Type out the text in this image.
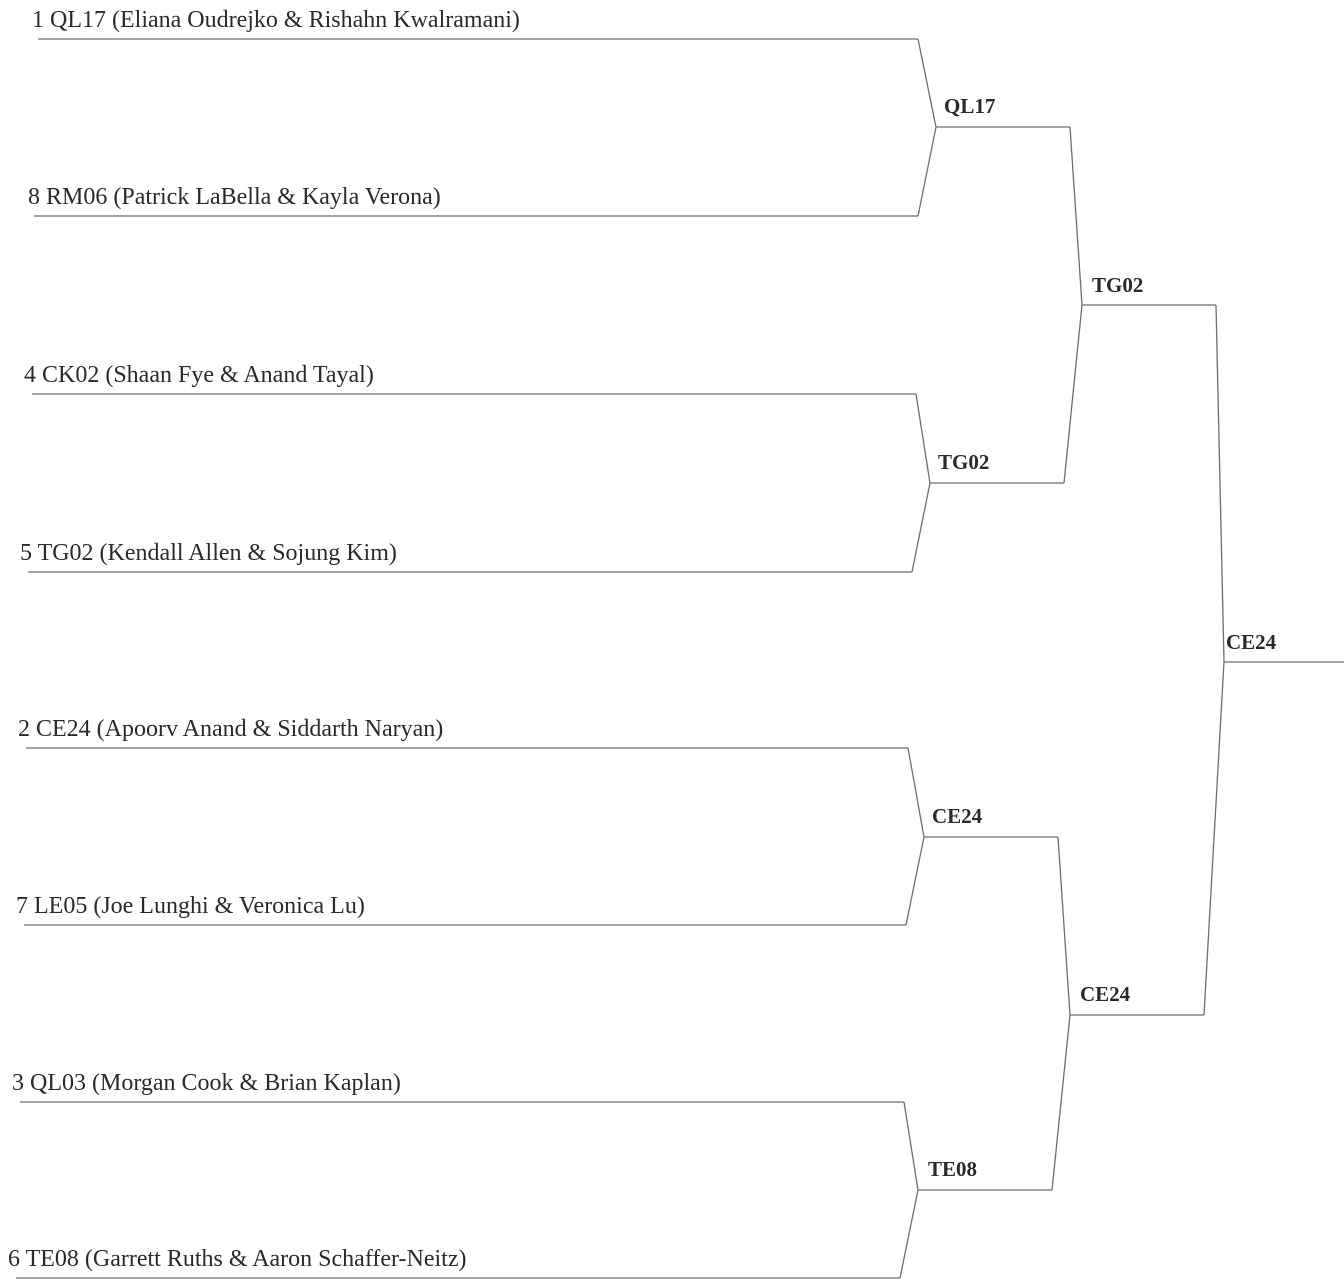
1 QL17 (Eliana Oudrejko & Rishahn Kwalramani)
8 RM06 (Patrick LaBella & Kayla Verona)
4 CK02 (Shaan Fye & Anand Tayal)
5 TG02 (Kendall Allen & Sojung Kim)
2 CE24 (Apoorv Anand & Siddarth Naryan)
7 LE05 (Joe Lunghi & Veronica Lu)
3 QL03 (Morgan Cook & Brian Kaplan)
6 TE08 (Garrett Ruths & Aaron Schaffer-Neitz)
QL17
TG02
CE24
TE08
TG02
CE24
CE24
